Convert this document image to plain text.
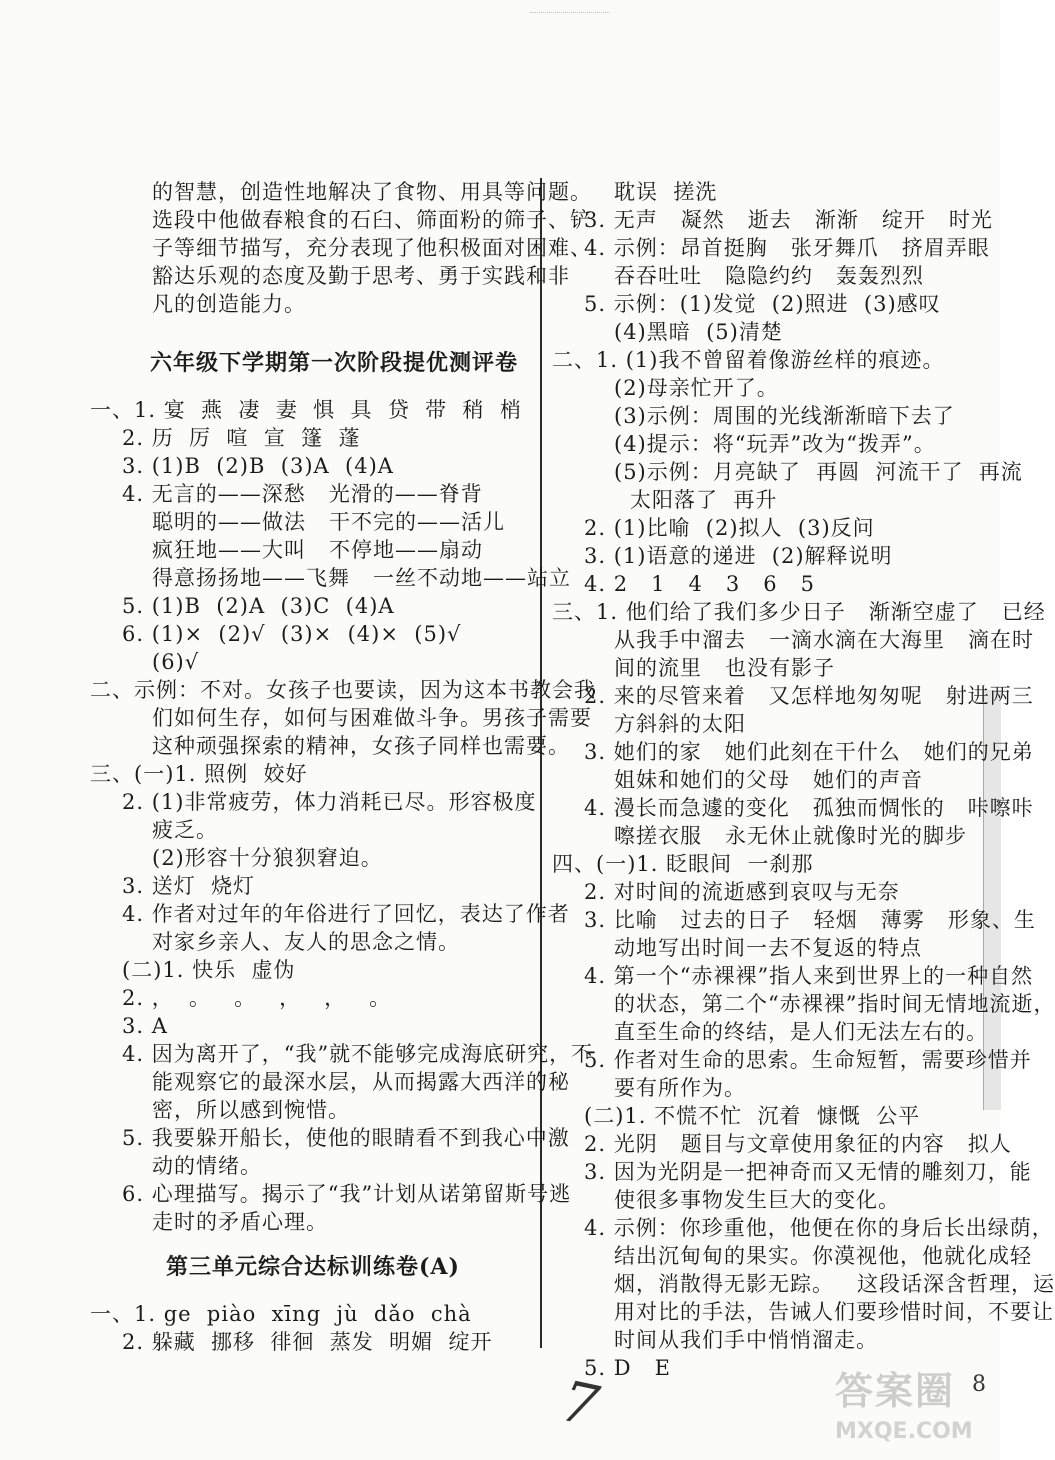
的智慧，创造性地解决了食物、用具等问题。
选段中他做春粮食的石臼、筛面粉的筛子、铲
子等细节描写，充分表现了他积极面对困难、
豁达乐观的态度及勤于思考、勇于实践和非
凡的创造能力。
一、1. 宴  燕  凄  妻  惧  具  贷  带  稍  梢
2. 历  厉  喧  宣  篷  蓬
3. (1)B  (2)B  (3)A  (4)A
4. 无言的——深愁   光滑的——脊背
聪明的——做法   干不完的——活儿
疯狂地——大叫   不停地——扇动
得意扬扬地——飞舞   一丝不动地——站立
5. (1)B  (2)A  (3)C  (4)A
6. (1)×  (2)√  (3)×  (4)×  (5)√
(6)√
二、示例：不对。女孩子也要读，因为这本书教会我
们如何生存，如何与困难做斗争。男孩子需要
这种顽强探索的精神，女孩子同样也需要。
三、(一)1. 照例  姣好
2. (1)非常疲劳，体力消耗已尽。形容极度
疲乏。
(2)形容十分狼狈窘迫。
3. 送灯  烧灯
4. 作者对过年的年俗进行了回忆，表达了作者
对家乡亲人、友人的思念之情。
(二)1. 快乐  虚伪
2. ，  。   。   ，   ，   。
3. A
4. 因为离开了，“我”就不能够完成海底研究，不
能观察它的最深水层，从而揭露大西洋的秘
密，所以感到惋惜。
5. 我要躲开船长，使他的眼睛看不到我心中激
动的情绪。
6. 心理描写。揭示了“我”计划从诺第留斯号逃
走时的矛盾心理。
一、1. ge  piào  xīng  jù  dǎo  chà
2. 躲藏  挪移  徘徊  蒸发  明媚  绽开
六年级下学期第一次阶段提优测评卷
第三单元综合达标训练卷(A)
耽误  搓洗
3. 无声   凝然   逝去   渐渐   绽开   时光
4. 示例：昂首挺胸   张牙舞爪   挤眉弄眼
吞吞吐吐   隐隐约约   轰轰烈烈
5. 示例：(1)发觉  (2)照进  (3)感叹
(4)黑暗  (5)清楚
二、1. (1)我不曾留着像游丝样的痕迹。
(2)母亲忙开了。
(3)示例：周围的光线渐渐暗下去了
(4)提示：将“玩弄”改为“拨弄”。
(5)示例：月亮缺了  再圆  河流干了  再流
太阳落了  再升
2. (1)比喻  (2)拟人  (3)反问
3. (1)语意的递进  (2)解释说明
4. 2   1   4   3   6   5
三、1. 他们给了我们多少日子   渐渐空虚了   已经
从我手中溜去   一滴水滴在大海里   滴在时
间的流里   也没有影子
2. 来的尽管来着   又怎样地匆匆呢   射进两三
方斜斜的太阳
3. 她们的家   她们此刻在干什么   她们的兄弟
姐妹和她们的父母   她们的声音
4. 漫长而急遽的变化   孤独而惆怅的   咔嚓咔
嚓搓衣服   永无休止就像时光的脚步
四、(一)1. 眨眼间  一刹那
2. 对时间的流逝感到哀叹与无奈
3. 比喻   过去的日子   轻烟   薄雾   形象、生
动地写出时间一去不复返的特点
4. 第一个“赤裸裸”指人来到世界上的一种自然
的状态，第二个“赤裸裸”指时间无情地流逝，
直至生命的终结，是人们无法左右的。
5. 作者对生命的思索。生命短暂，需要珍惜并
要有所作为。
(二)1. 不慌不忙  沉着  慷慨  公平
2. 光阴   题目与文章使用象征的内容   拟人
3. 因为光阴是一把神奇而又无情的雕刻刀，能
使很多事物发生巨大的变化。
4. 示例：你珍重他，他便在你的身后长出绿荫，
结出沉甸甸的果实。你漠视他，他就化成轻
烟，消散得无影无踪。   这段话深含哲理，运
用对比的手法，告诫人们要珍惜时间，不要让
时间从我们手中悄悄溜走。
5. D   E
7	8
答案圈
MXQE.COM
